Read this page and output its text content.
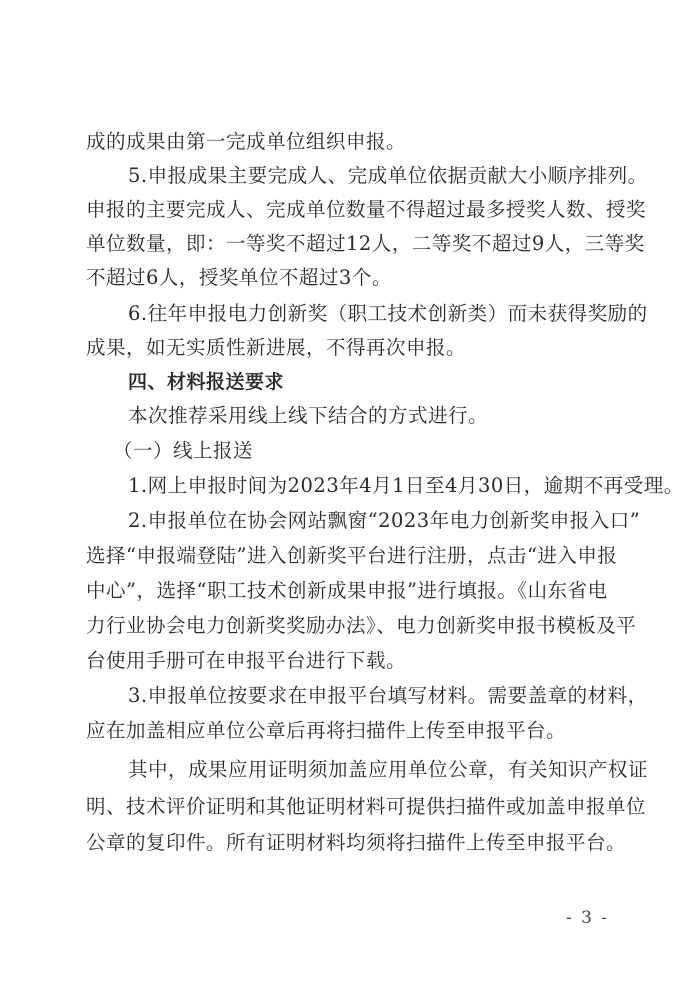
成的成果由第一完成单位组织申报。
5.申报成果主要完成人、完成单位依据贡献大小顺序排列。
申报的主要完成人、完成单位数量不得超过最多授奖人数、授奖
单位数量，即：一等奖不超过12人，二等奖不超过9人，三等奖
不超过6人，授奖单位不超过3个。
6.往年申报电力创新奖（职工技术创新类）而未获得奖励的
成果，如无实质性新进展，不得再次申报。
四、材料报送要求
本次推荐采用线上线下结合的方式进行。
（一）线上报送
1.网上申报时间为2023年4月1日至4月30日，逾期不再受理。
2.申报单位在协会网站飘窗“2023年电力创新奖申报入口”
选择“申报端登陆”进入创新奖平台进行注册，点击“进入申报
中心”，选择“职工技术创新成果申报”进行填报。《山东省电
力行业协会电力创新奖奖励办法》、电力创新奖申报书模板及平
台使用手册可在申报平台进行下载。
3.申报单位按要求在申报平台填写材料。需要盖章的材料，
应在加盖相应单位公章后再将扫描件上传至申报平台。
其中，成果应用证明须加盖应用单位公章，有关知识产权证
明、技术评价证明和其他证明材料可提供扫描件或加盖申报单位
公章的复印件。所有证明材料均须将扫描件上传至申报平台。
- 3 -
